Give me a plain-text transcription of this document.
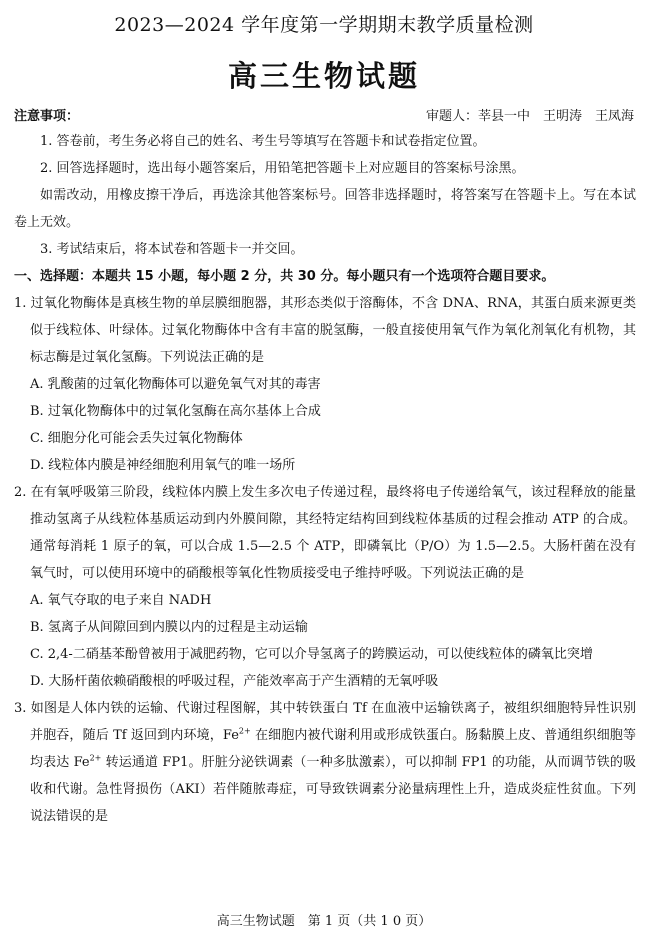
2023—2024 学年度第一学期期末教学质量检测
高三生物试题
注意事项：	审题人：莘县一中　王明涛　王凤海

1. 答卷前，考生务必将自己的姓名、考生号等填写在答题卡和试卷指定位置。

2. 回答选择题时，选出每小题答案后，用铅笔把答题卡上对应题目的答案标号涂黑。

如需改动，用橡皮擦干净后，再选涂其他答案标号。回答非选择题时，将答案写在答题卡上。写在本试卷上无效。

3. 考试结束后，将本试卷和答题卡一并交回。

一、选择题：本题共 15 小题，每小题 2 分，共 30 分。每小题只有一个选项符合题目要求。

1. 过氧化物酶体是真核生物的单层膜细胞器，其形态类似于溶酶体，不含 DNA、RNA，其蛋白质来源更类似于线粒体、叶绿体。过氧化物酶体中含有丰富的脱氢酶，一般直接使用氧气作为氧化剂氧化有机物，其标志酶是过氧化氢酶。下列说法正确的是

A. 乳酸菌的过氧化物酶体可以避免氧气对其的毒害

B. 过氧化物酶体中的过氧化氢酶在高尔基体上合成

C. 细胞分化可能会丢失过氧化物酶体

D. 线粒体内膜是神经细胞利用氧气的唯一场所

2. 在有氧呼吸第三阶段，线粒体内膜上发生多次电子传递过程，最终将电子传递给氧气，该过程释放的能量推动氢离子从线粒体基质运动到内外膜间隙，其经特定结构回到线粒体基质的过程会推动 ATP 的合成。通常每消耗 1 原子的氧，可以合成 1.5—2.5 个 ATP，即磷氧比（P/O）为 1.5—2.5。大肠杆菌在没有氧气时，可以使用环境中的硝酸根等氧化性物质接受电子维持呼吸。下列说法正确的是

A. 氧气夺取的电子来自 NADH

B. 氢离子从间隙回到内膜以内的过程是主动运输

C. 2,4-二硝基苯酚曾被用于减肥药物，它可以介导氢离子的跨膜运动，可以使线粒体的磷氧比突增

D. 大肠杆菌依赖硝酸根的呼吸过程，产能效率高于产生酒精的无氧呼吸

3. 如图是人体内铁的运输、代谢过程图解，其中转铁蛋白 Tf 在血液中运输铁离子，被组织细胞特异性识别并胞吞，随后 Tf 返回到内环境，$Fe^{2+}$ 在细胞内被代谢利用或形成铁蛋白。肠黏膜上皮、普通组织细胞等均表达 $Fe^{2+}$ 转运通道 FP1。肝脏分泌铁调素（一种多肽激素），可以抑制 FP1 的功能，从而调节铁的吸收和代谢。急性肾损伤（AKI）若伴随脓毒症，可导致铁调素分泌量病理性上升，造成炎症性贫血。下列说法错误的是

高三生物试题　第 1 页（共 1 0 页）
